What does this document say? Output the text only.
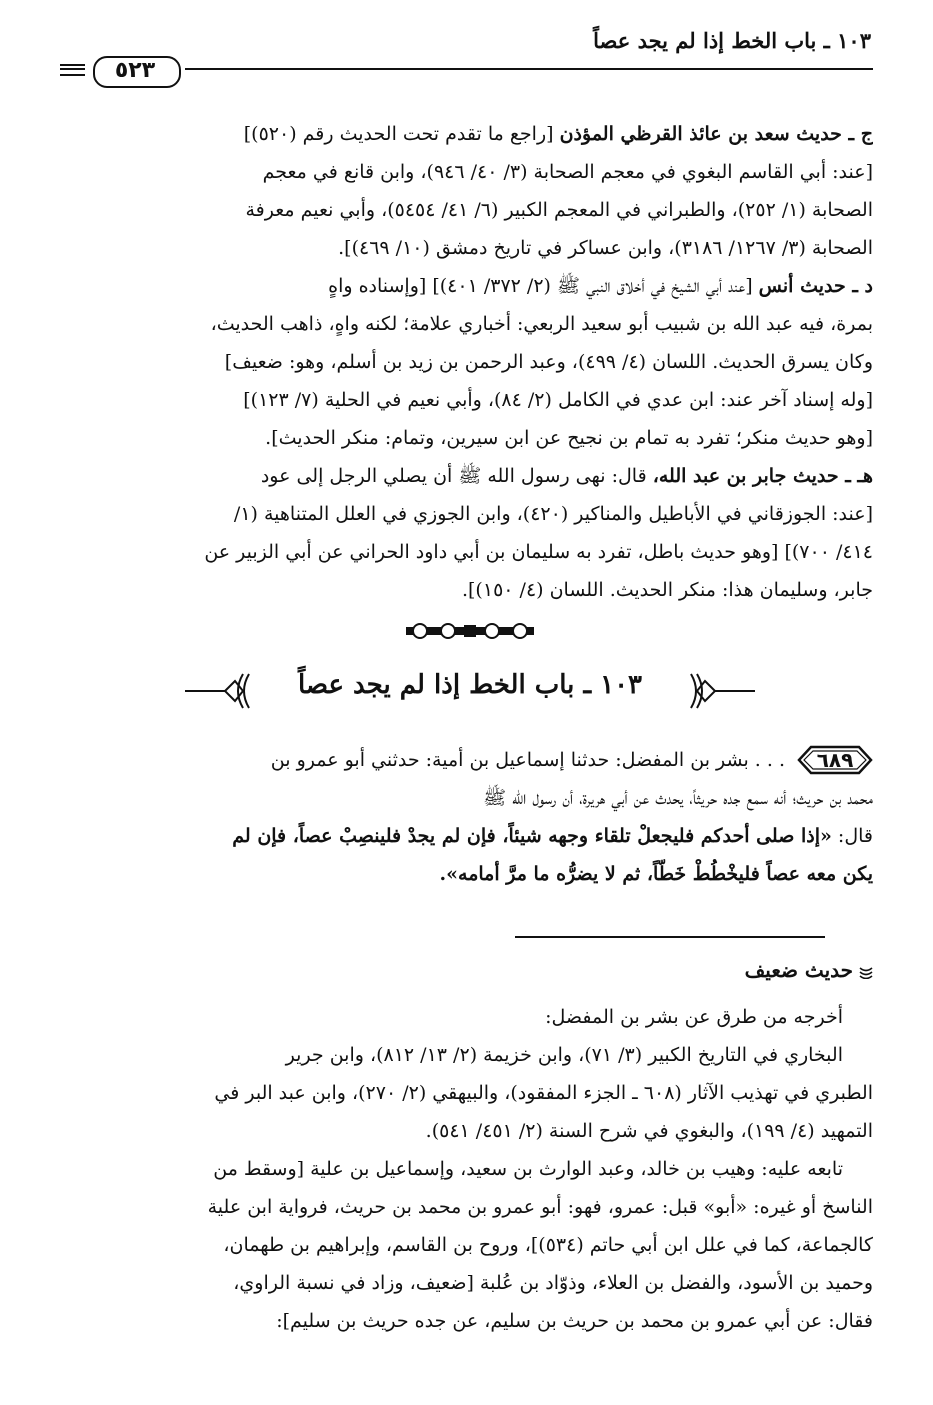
١٠٣ ـ باب الخط إذا لم يجد عصاً
٥٢٣
ج ـ حديث سعد بن عائذ القرظي المؤذن [راجع ما تقدم تحت الحديث رقم (٥٢٠)]
[عند: أبي القاسم البغوي في معجم الصحابة (٣/ ٤٠/ ٩٤٦)، وابن قانع في معجم
الصحابة (١/ ٢٥٢)، والطبراني في المعجم الكبير (٦/ ٤١/ ٥٤٥٤)، وأبي نعيم معرفة
الصحابة (٣/ ١٢٦٧/ ٣١٨٦)، وابن عساكر في تاريخ دمشق (١٠/ ٤٦٩)].
د ـ حديث أنس [عند أبي الشيخ في أخلاق النبي ﷺ (٢/ ٣٧٢/ ٤٠١)] [وإسناده واهٍ
بمرة، فيه عبد الله بن شبيب أبو سعيد الربعي: أخباري علامة؛ لكنه واهٍ، ذاهب الحديث،
وكان يسرق الحديث. اللسان (٤/ ٤٩٩)، وعبد الرحمن بن زيد بن أسلم، وهو: ضعيف]
[وله إسناد آخر عند: ابن عدي في الكامل (٢/ ٨٤)، وأبي نعيم في الحلية (٧/ ١٢٣)]
[وهو حديث منكر؛ تفرد به تمام بن نجيح عن ابن سيرين، وتمام: منكر الحديث].
هـ ـ حديث جابر بن عبد الله، قال: نهى رسول الله ﷺ أن يصلي الرجل إلى عود
[عند: الجوزقاني في الأباطيل والمناكير (٤٢٠)، وابن الجوزي في العلل المتناهية (١/
٤١٤/ ٧٠٠)] [وهو حديث باطل، تفرد به سليمان بن أبي داود الحراني عن أبي الزبير عن
جابر، وسليمان هذا: منكر الحديث. اللسان (٤/ ١٥٠)].
١٠٣ ـ باب الخط إذا لم يجد عصاً
٦٨٩
. . . بشر بن المفضل: حدثنا إسماعيل بن أمية: حدثني أبو عمرو بن
محمد بن حريث؛ أنه سمع جده حريثاً، يحدث عن أبي هريرة، أن رسول الله ﷺ
قال: «إذا صلى أحدكم فليجعلْ تلقاء وجهه شيئاً، فإن لم يجدْ فلينصِبْ عصاً، فإن لم
يكن معه عصاً فليخْطُطْ خَطّاً، ثم لا يضرُّه ما مرَّ أمامه».
حديث ضعيف
أخرجه من طرق عن بشر بن المفضل:
البخاري في التاريخ الكبير (٣/ ٧١)، وابن خزيمة (٢/ ١٣/ ٨١٢)، وابن جرير
الطبري في تهذيب الآثار (٦٠٨ ـ الجزء المفقود)، والبيهقي (٢/ ٢٧٠)، وابن عبد البر في
التمهيد (٤/ ١٩٩)، والبغوي في شرح السنة (٢/ ٤٥١/ ٥٤١).
تابعه عليه: وهيب بن خالد، وعبد الوارث بن سعيد، وإسماعيل بن علية [وسقط من
الناسخ أو غيره: «أبو» قبل: عمرو، فهو: أبو عمرو بن محمد بن حريث، فرواية ابن علية
كالجماعة، كما في علل ابن أبي حاتم (٥٣٤)]، وروح بن القاسم، وإبراهيم بن طهمان،
وحميد بن الأسود، والفضل بن العلاء، وذوّاد بن عُلبة [ضعيف، وزاد في نسبة الراوي،
فقال: عن أبي عمرو بن محمد بن حريث بن سليم، عن جده حريث بن سليم]:
